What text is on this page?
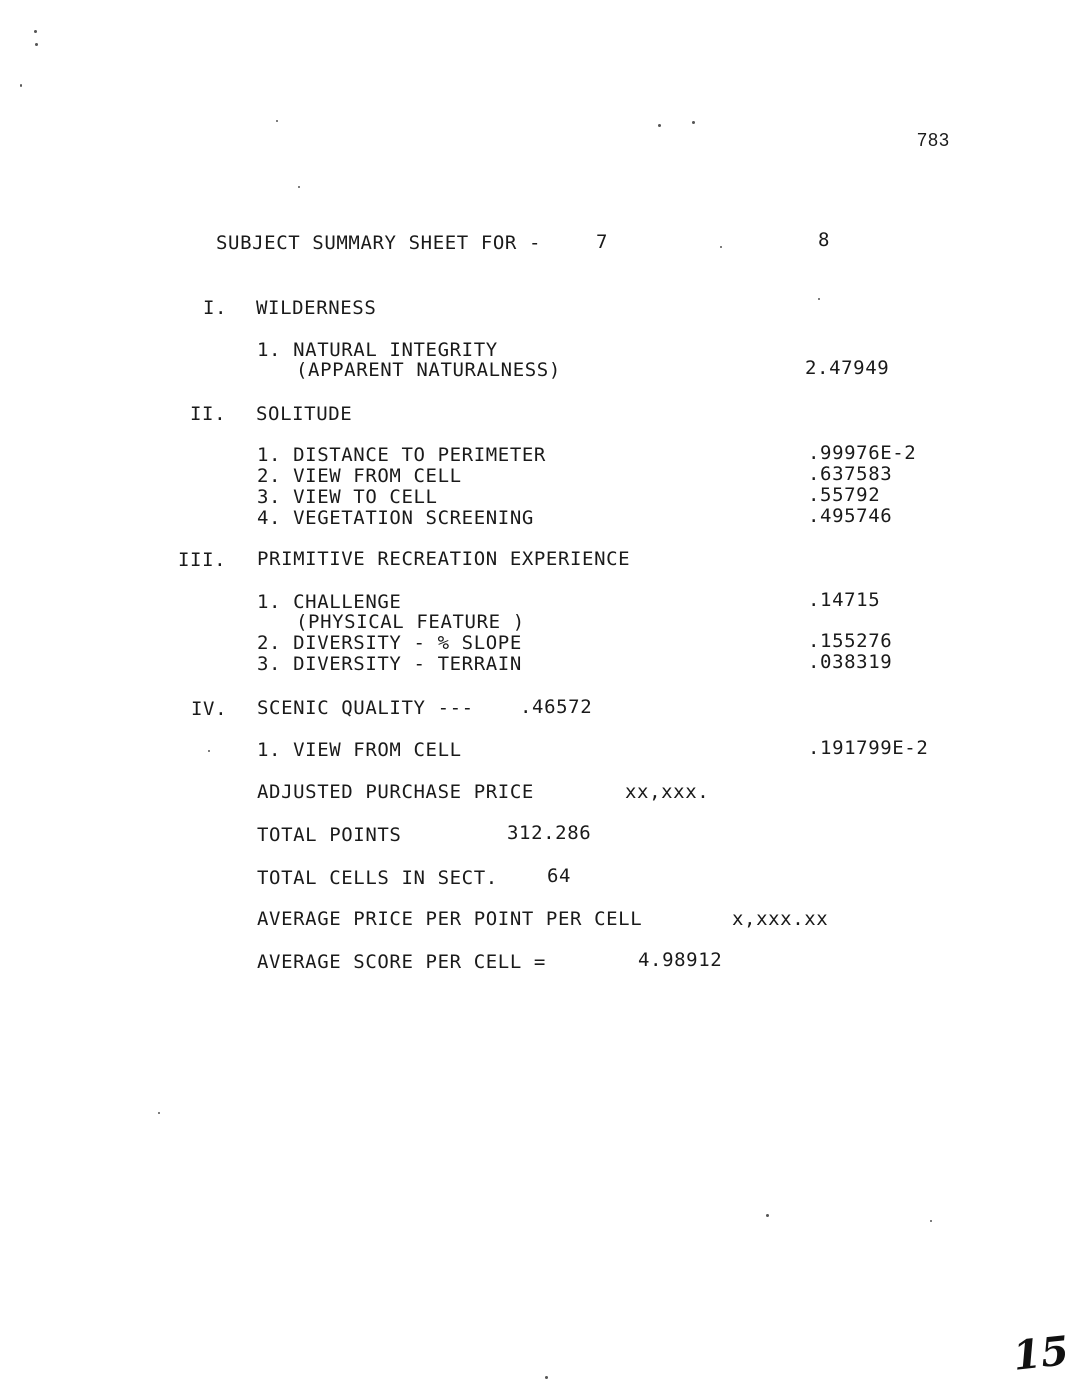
783
SUBJECT SUMMARY SHEET FOR -	7	8
I. WILDERNESS
1. NATURAL INTEGRITY
(APPARENT NATURALNESS)	2.47949
II. SOLITUDE
1. DISTANCE TO PERIMETER	.99976E-2
2. VIEW FROM CELL	.637583
3. VIEW TO CELL	.55792
4. VEGETATION SCREENING	.495746
III. PRIMITIVE RECREATION EXPERIENCE
1. CHALLENGE	.14715
(PHYSICAL FEATURE )
2. DIVERSITY - % SLOPE	.155276
3. DIVERSITY - TERRAIN	.038319
IV. SCENIC QUALITY --- .46572
1. VIEW FROM CELL	.191799E-2
ADJUSTED PURCHASE PRICE	xx,xxx.
TOTAL POINTS	312.286
TOTAL CELLS IN SECT.	64
AVERAGE PRICE PER POINT PER CELL	x,xxx.xx
AVERAGE SCORE PER CELL =	4.98912
15
